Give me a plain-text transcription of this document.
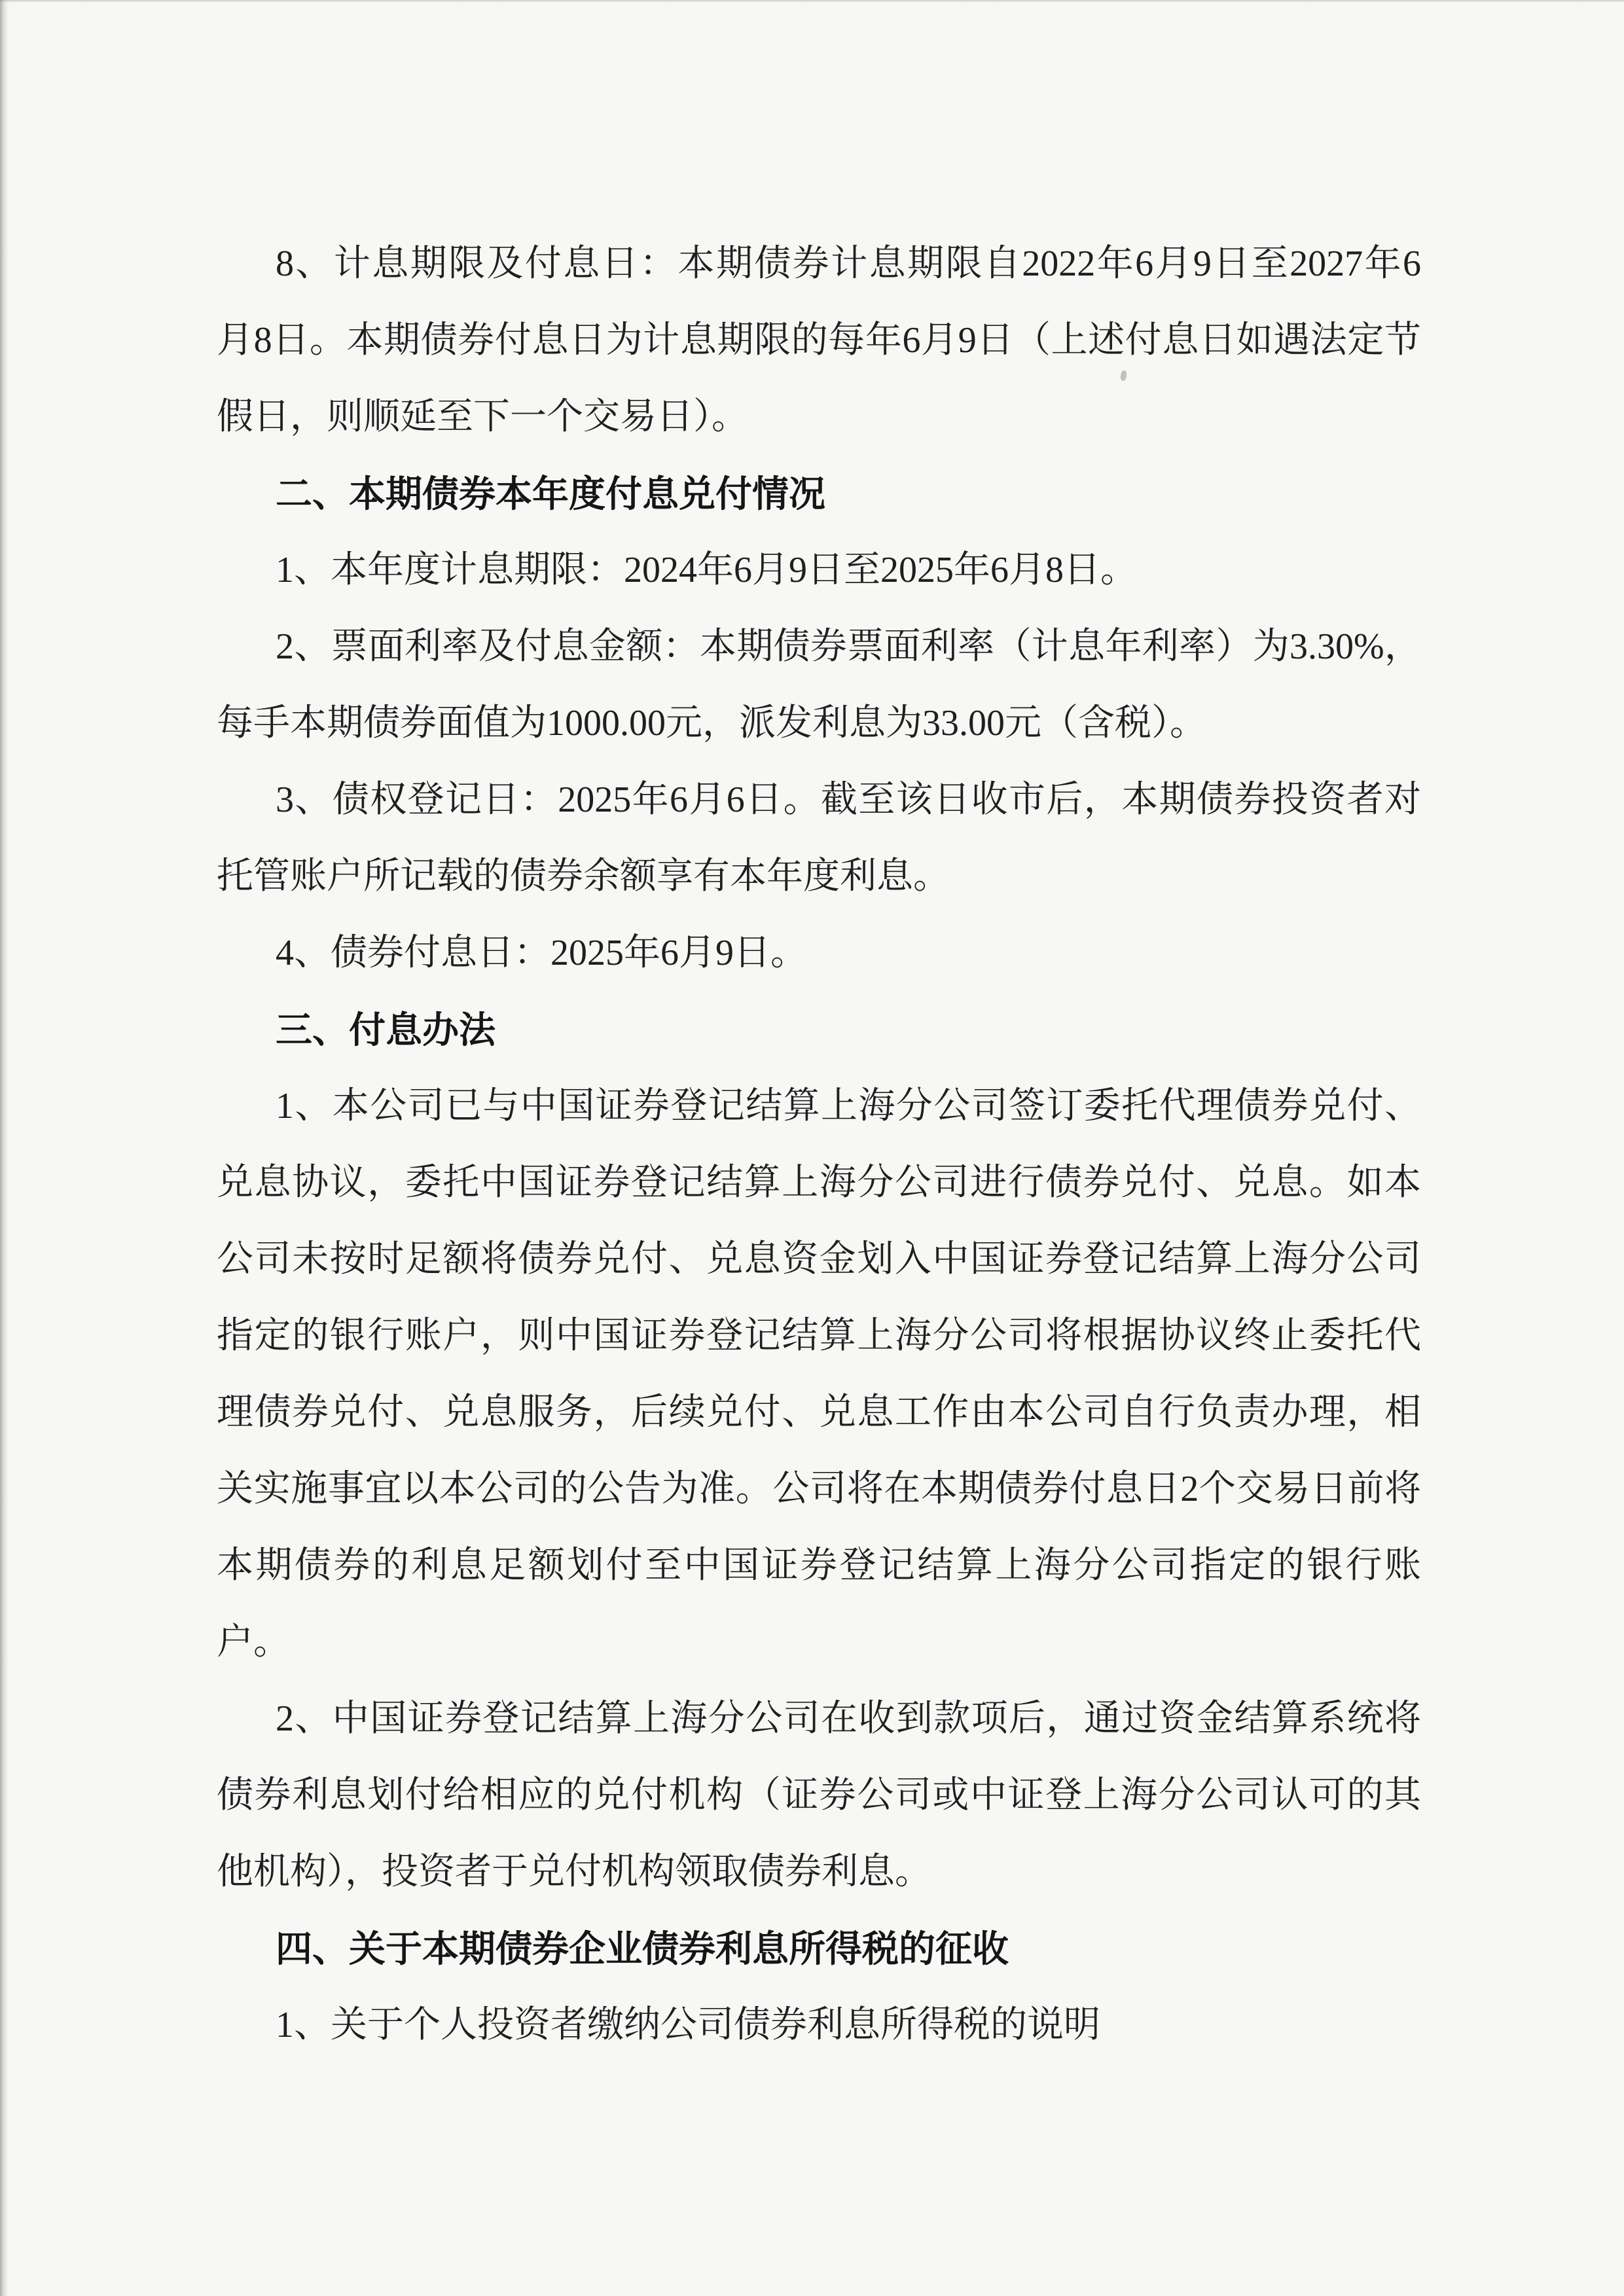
8、计息期限及付息日：本期债券计息期限自2022年6月9日至2027年6

月8日。本期债券付息日为计息期限的每年6月9日（上述付息日如遇法定节

假日，则顺延至下一个交易日）。

二、本期债券本年度付息兑付情况

1、本年度计息期限：2024年6月9日至2025年6月8日。

2、票面利率及付息金额：本期债券票面利率（计息年利率）为3.30%，

每手本期债券面值为1000.00元，派发利息为33.00元（含税）。

3、债权登记日：2025年6月6日。截至该日收市后，本期债券投资者对

托管账户所记载的债券余额享有本年度利息。

4、债券付息日：2025年6月9日。

三、付息办法

1、本公司已与中国证券登记结算上海分公司签订委托代理债券兑付、

兑息协议，委托中国证券登记结算上海分公司进行债券兑付、兑息。如本

公司未按时足额将债券兑付、兑息资金划入中国证券登记结算上海分公司

指定的银行账户，则中国证券登记结算上海分公司将根据协议终止委托代

理债券兑付、兑息服务，后续兑付、兑息工作由本公司自行负责办理，相

关实施事宜以本公司的公告为准。公司将在本期债券付息日2个交易日前将

本期债券的利息足额划付至中国证券登记结算上海分公司指定的银行账

户。

2、中国证券登记结算上海分公司在收到款项后，通过资金结算系统将

债券利息划付给相应的兑付机构（证券公司或中证登上海分公司认可的其

他机构），投资者于兑付机构领取债券利息。

四、关于本期债券企业债券利息所得税的征收

1、关于个人投资者缴纳公司债券利息所得税的说明
